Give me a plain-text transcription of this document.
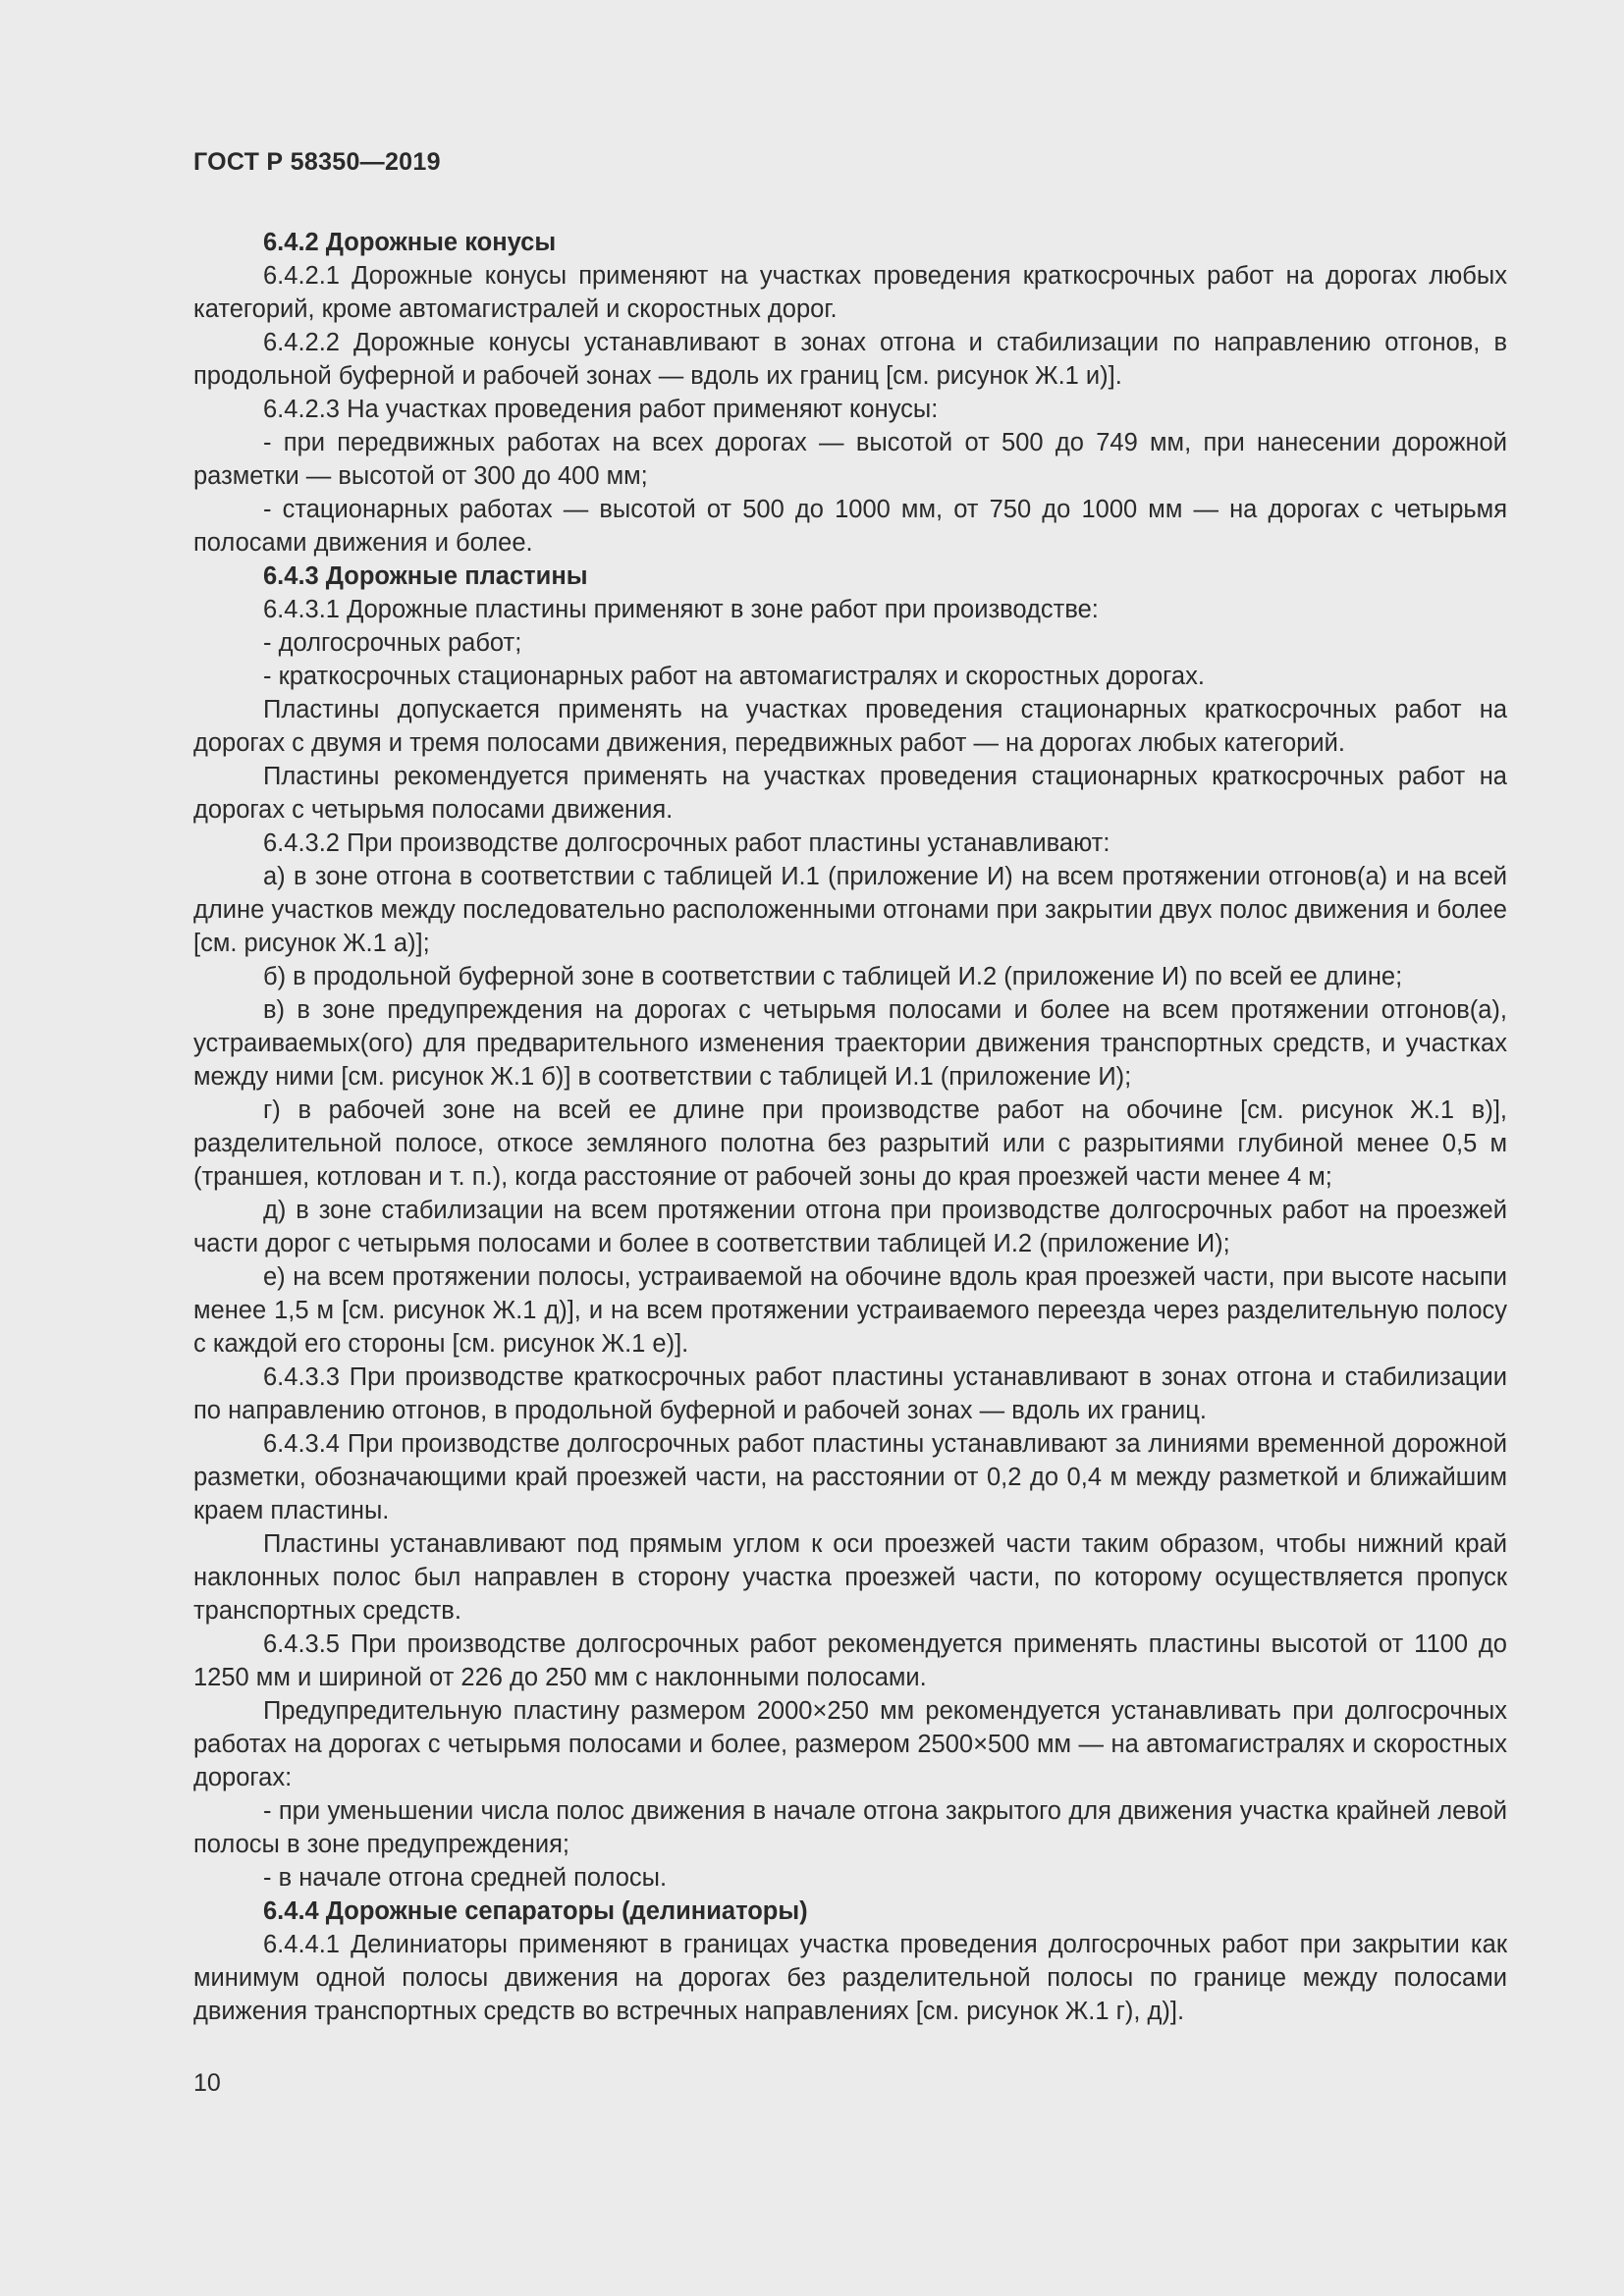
ГОСТ Р 58350—2019

6.4.2 Дорожные конусы

6.4.2.1 Дорожные конусы применяют на участках проведения краткосрочных работ на дорогах любых категорий, кроме автомагистралей и скоростных дорог.

6.4.2.2 Дорожные конусы устанавливают в зонах отгона и стабилизации по направлению отгонов, в продольной буферной и рабочей зонах — вдоль их границ [см. рисунок Ж.1 и)].

6.4.2.3 На участках проведения работ применяют конусы:

- при передвижных работах на всех дорогах — высотой от 500 до 749 мм, при нанесении дорожной разметки — высотой от 300 до 400 мм;

- стационарных работах — высотой от 500 до 1000 мм, от 750 до 1000 мм — на дорогах с четырьмя полосами движения и более.

6.4.3 Дорожные пластины

6.4.3.1 Дорожные пластины применяют в зоне работ при производстве:

- долгосрочных работ;

- краткосрочных стационарных работ на автомагистралях и скоростных дорогах.

Пластины допускается применять на участках проведения стационарных краткосрочных работ на дорогах с двумя и тремя полосами движения, передвижных работ — на дорогах любых категорий.

Пластины рекомендуется применять на участках проведения стационарных краткосрочных работ на дорогах с четырьмя полосами движения.

6.4.3.2 При производстве долгосрочных работ пластины устанавливают:

а) в зоне отгона в соответствии с таблицей И.1 (приложение И) на всем протяжении отгонов(а) и на всей длине участков между последовательно расположенными отгонами при закрытии двух полос движения и более [см. рисунок Ж.1 а)];

б) в продольной буферной зоне в соответствии с таблицей И.2 (приложение И) по всей ее длине;

в) в зоне предупреждения на дорогах с четырьмя полосами и более на всем протяжении отгонов(а), устраиваемых(ого) для предварительного изменения траектории движения транспортных средств, и участках между ними [см. рисунок Ж.1 б)] в соответствии с таблицей И.1 (приложение И);

г) в рабочей зоне на всей ее длине при производстве работ на обочине [см. рисунок Ж.1 в)], разделительной полосе, откосе земляного полотна без разрытий или с разрытиями глубиной менее 0,5 м (траншея, котлован и т. п.), когда расстояние от рабочей зоны до края проезжей части менее 4 м;

д) в зоне стабилизации на всем протяжении отгона при производстве долгосрочных работ на проезжей части дорог с четырьмя полосами и более в соответствии таблицей И.2 (приложение И);

е) на всем протяжении полосы, устраиваемой на обочине вдоль края проезжей части, при высоте насыпи менее 1,5 м [см. рисунок Ж.1 д)], и на всем протяжении устраиваемого переезда через разделительную полосу с каждой его стороны [см. рисунок Ж.1 е)].

6.4.3.3 При производстве краткосрочных работ пластины устанавливают в зонах отгона и стабилизации по направлению отгонов, в продольной буферной и рабочей зонах — вдоль их границ.

6.4.3.4 При производстве долгосрочных работ пластины устанавливают за линиями временной дорожной разметки, обозначающими край проезжей части, на расстоянии от 0,2 до 0,4 м между разметкой и ближайшим краем пластины.

Пластины устанавливают под прямым углом к оси проезжей части таким образом, чтобы нижний край наклонных полос был направлен в сторону участка проезжей части, по которому осуществляется пропуск транспортных средств.

6.4.3.5 При производстве долгосрочных работ рекомендуется применять пластины высотой от 1100 до 1250 мм и шириной от 226 до 250 мм с наклонными полосами.

Предупредительную пластину размером 2000×250 мм рекомендуется устанавливать при долгосрочных работах на дорогах с четырьмя полосами и более, размером 2500×500 мм — на автомагистралях и скоростных дорогах:

- при уменьшении числа полос движения в начале отгона закрытого для движения участка крайней левой полосы в зоне предупреждения;

- в начале отгона средней полосы.

6.4.4 Дорожные сепараторы (делиниаторы)

6.4.4.1 Делиниаторы применяют в границах участка проведения долгосрочных работ при закрытии как минимум одной полосы движения на дорогах без разделительной полосы по границе между полосами движения транспортных средств во встречных направлениях [см. рисунок Ж.1 г), д)].

10
